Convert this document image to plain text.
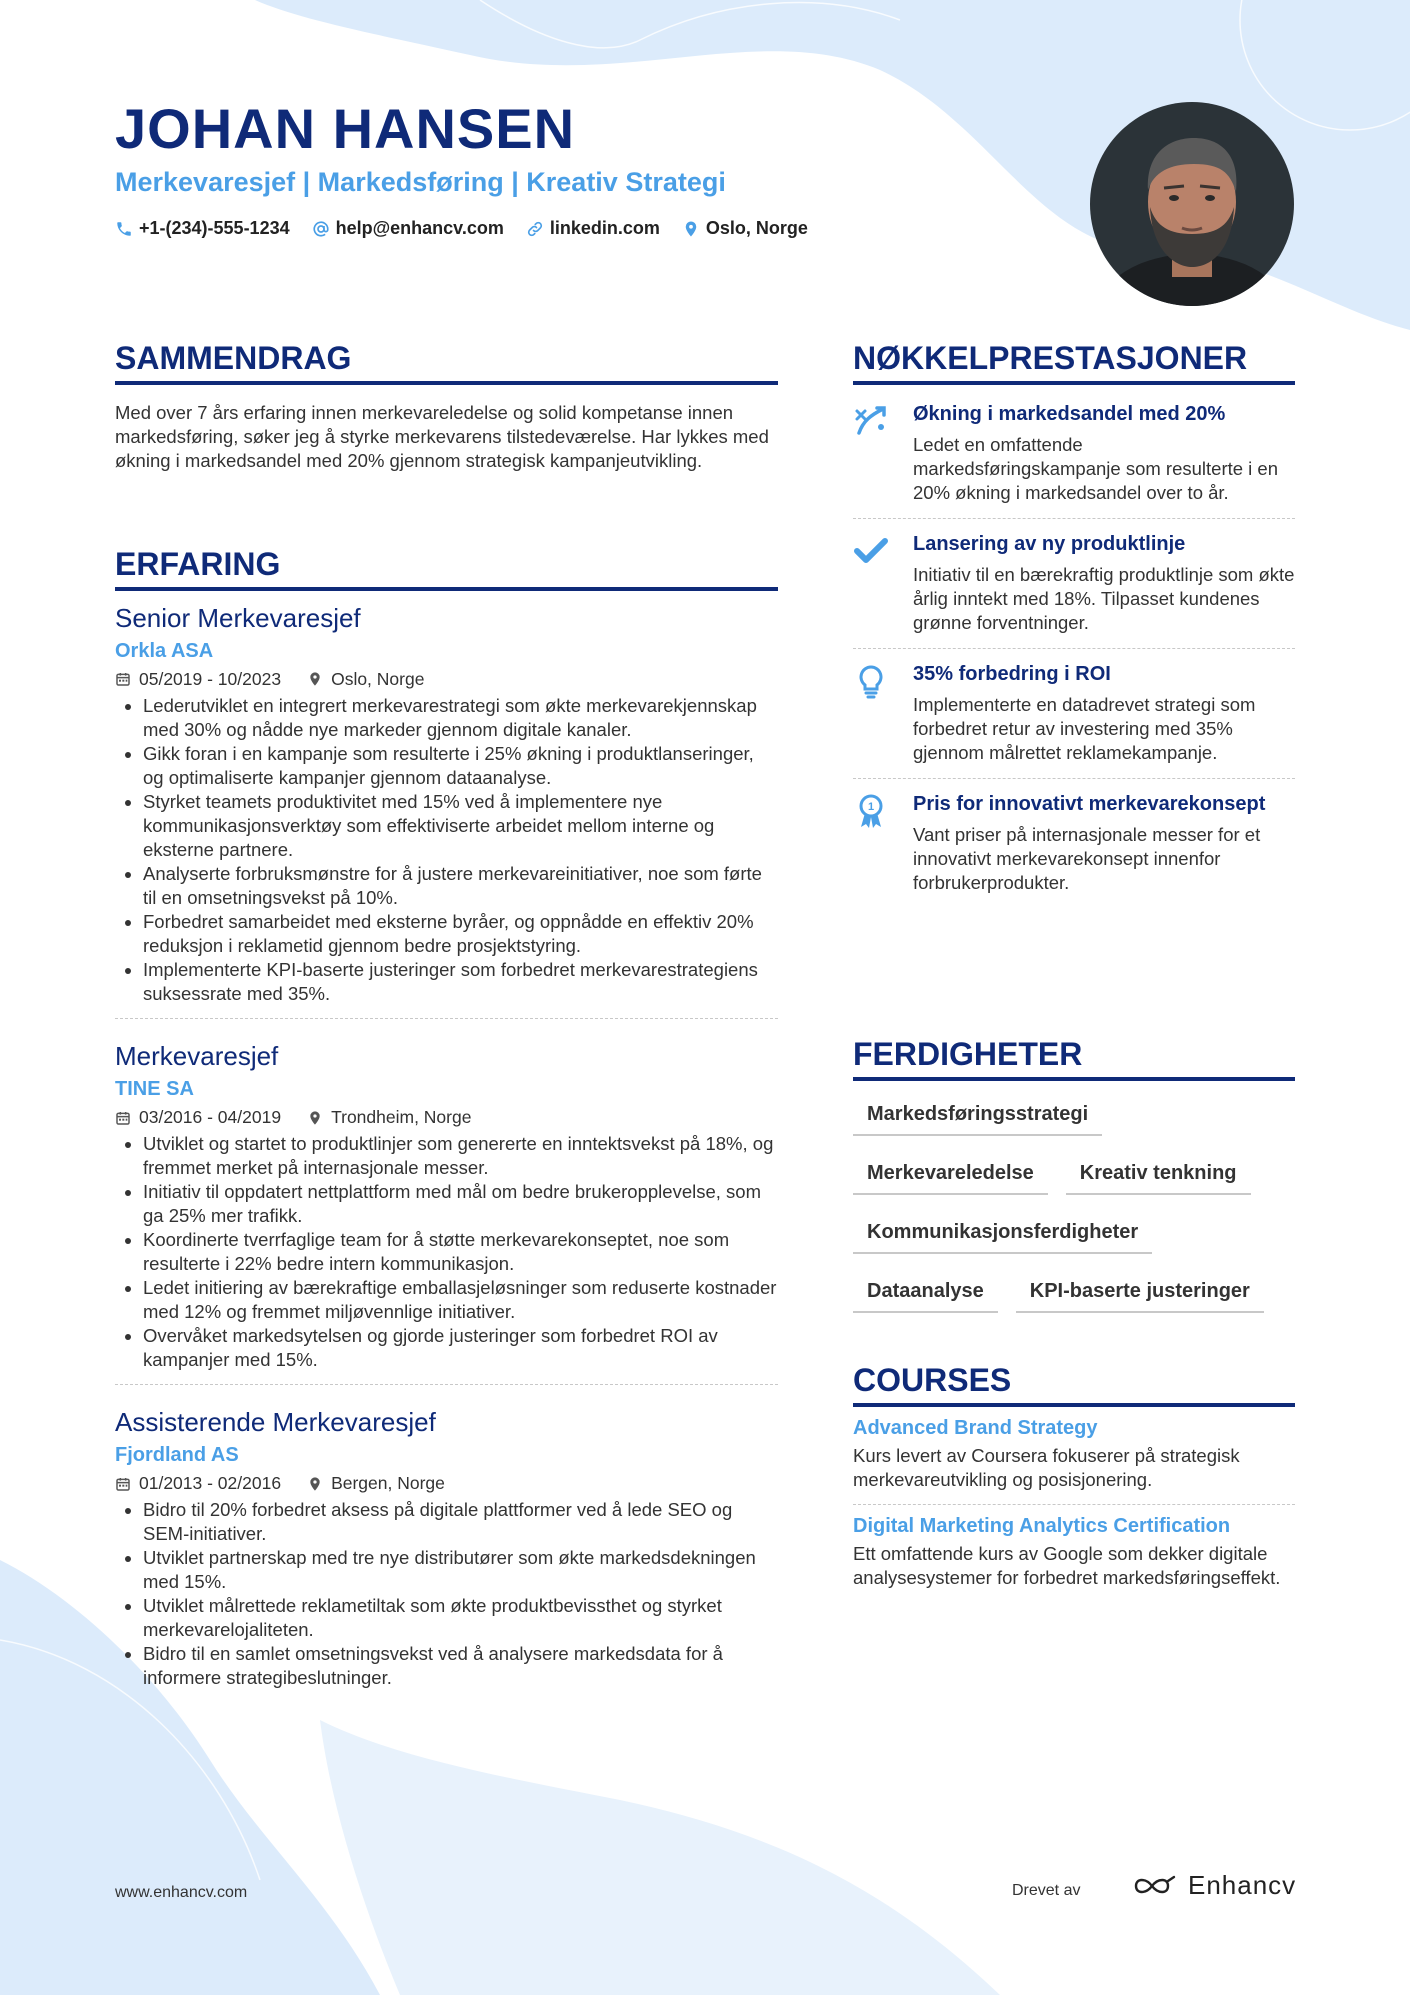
JOHAN HANSEN
Merkevaresjef | Markedsføring | Kreativ Strategi
+1-(234)-555-1234	help@enhancv.com	linkedin.com	Oslo, Norge
SAMMENDRAG
Med over 7 års erfaring innen merkevareledelse og solid kompetanse innen markedsføring, søker jeg å styrke merkevarens tilstedeværelse. Har lykkes med økning i markedsandel med 20% gjennom strategisk kampanjeutvikling.
ERFARING
Senior Merkevaresjef
Orkla ASA
05/2019 - 10/2023	Oslo, Norge
• Lederutviklet en integrert merkevarestrategi som økte merkevarekjennskap med 30% og nådde nye markeder gjennom digitale kanaler.
• Gikk foran i en kampanje som resulterte i 25% økning i produktlanseringer, og optimaliserte kampanjer gjennom dataanalyse.
• Styrket teamets produktivitet med 15% ved å implementere nye kommunikasjonsverktøy som effektiviserte arbeidet mellom interne og eksterne partnere.
• Analyserte forbruksmønstre for å justere merkevareinitiativer, noe som førte til en omsetningsvekst på 10%.
• Forbedret samarbeidet med eksterne byråer, og oppnådde en effektiv 20% reduksjon i reklametid gjennom bedre prosjektstyring.
• Implementerte KPI-baserte justeringer som forbedret merkevarestrategiens suksessrate med 35%.
Merkevaresjef
TINE SA
03/2016 - 04/2019	Trondheim, Norge
• Utviklet og startet to produktlinjer som genererte en inntektsvekst på 18%, og fremmet merket på internasjonale messer.
• Initiativ til oppdatert nettplattform med mål om bedre brukeropplevelse, som ga 25% mer trafikk.
• Koordinerte tverrfaglige team for å støtte merkevarekonseptet, noe som resulterte i 22% bedre intern kommunikasjon.
• Ledet initiering av bærekraftige emballasjeløsninger som reduserte kostnader med 12% og fremmet miljøvennlige initiativer.
• Overvåket markedsytelsen og gjorde justeringer som forbedret ROI av kampanjer med 15%.
Assisterende Merkevaresjef
Fjordland AS
01/2013 - 02/2016	Bergen, Norge
• Bidro til 20% forbedret aksess på digitale plattformer ved å lede SEO og SEM-initiativer.
• Utviklet partnerskap med tre nye distributører som økte markedsdekningen med 15%.
• Utviklet målrettede reklametiltak som økte produktbevissthet og styrket merkevarelojaliteten.
• Bidro til en samlet omsetningsvekst ved å analysere markedsdata for å informere strategibeslutninger.
NØKKELPRESTASJONER
Økning i markedsandel med 20%
Ledet en omfattende markedsføringskampanje som resulterte i en 20% økning i markedsandel over to år.
Lansering av ny produktlinje
Initiativ til en bærekraftig produktlinje som økte årlig inntekt med 18%. Tilpasset kundenes grønne forventninger.
35% forbedring i ROI
Implementerte en datadrevet strategi som forbedret retur av investering med 35% gjennom målrettet reklamekampanje.
1 Pris for innovativt merkevarekonsept
Vant priser på internasjonale messer for et innovativt merkevarekonsept innenfor forbrukerprodukter.
FERDIGHETER
Markedsføringsstrategi
Merkevareledelse	Kreativ tenkning
Kommunikasjonsferdigheter
Dataanalyse	KPI-baserte justeringer
COURSES
Advanced Brand Strategy
Kurs levert av Coursera fokuserer på strategisk merkevareutvikling og posisjonering.
Digital Marketing Analytics Certification
Ett omfattende kurs av Google som dekker digitale analysesystemer for forbedret markedsføringseffekt.
www.enhancv.com	Drevet av	Enhancv
